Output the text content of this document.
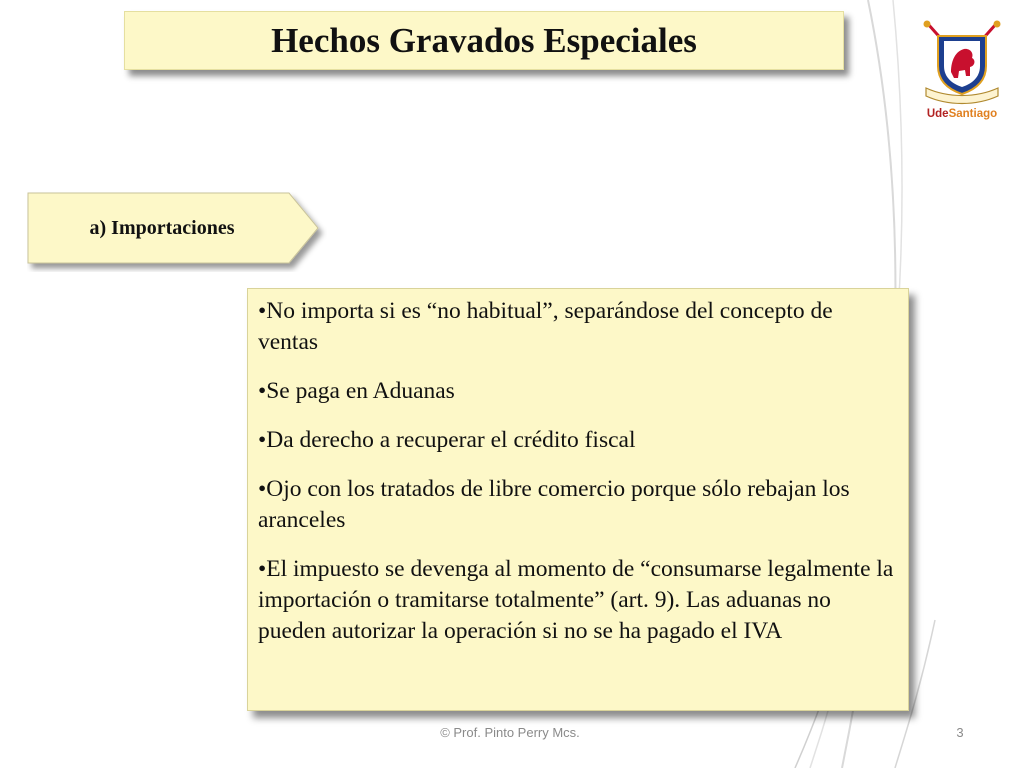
Hechos Gravados Especiales
UdeSantiago
a) Importaciones
• No importa si es “no habitual”, separándose del concepto de ventas
• Se paga en Aduanas
• Da derecho a recuperar el crédito fiscal
• Ojo con los tratados de libre comercio porque sólo rebajan los aranceles
• El impuesto se devenga al momento de “consumarse legalmente la importación o tramitarse totalmente” (art. 9). Las aduanas no pueden autorizar la operación si no se ha pagado el IVA
© Prof. Pinto Perry Mcs.	3
